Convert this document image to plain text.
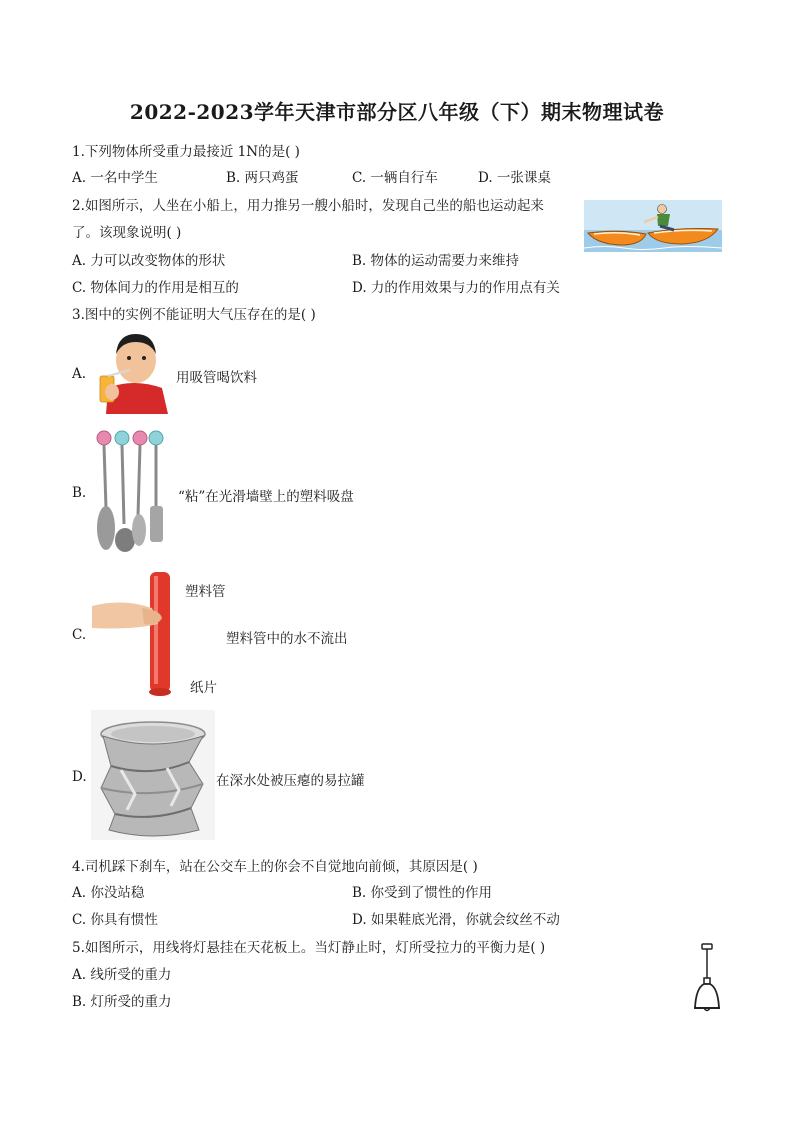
2022-2023学年天津市部分区八年级（下）期末物理试卷
1.下列物体所受重力最接近 1N的是( )
A. 一名中学生	B. 两只鸡蛋	C. 一辆自行车	D. 一张课桌
2.如图所示，人坐在小船上，用力推另一艘小船时，发现自己坐的船也运动起来
了。该现象说明( )
A. 力可以改变物体的形状	B. 物体的运动需要力来维持
C. 物体间力的作用是相互的	D. 力的作用效果与力的作用点有关
3.图中的实例不能证明大气压存在的是( )
A.	用吸管喝饮料
B.	“粘”在光滑墙壁上的塑料吸盘
C.
塑料管
纸片
塑料管中的水不流出
D.	在深水处被压瘪的易拉罐
4.司机踩下刹车，站在公交车上的你会不自觉地向前倾，其原因是( )
A. 你没站稳	B. 你受到了惯性的作用
C. 你具有惯性	D. 如果鞋底光滑，你就会纹丝不动
5.如图所示，用线将灯悬挂在天花板上。当灯静止时，灯所受拉力的平衡力是( )
A. 线所受的重力
B. 灯所受的重力
